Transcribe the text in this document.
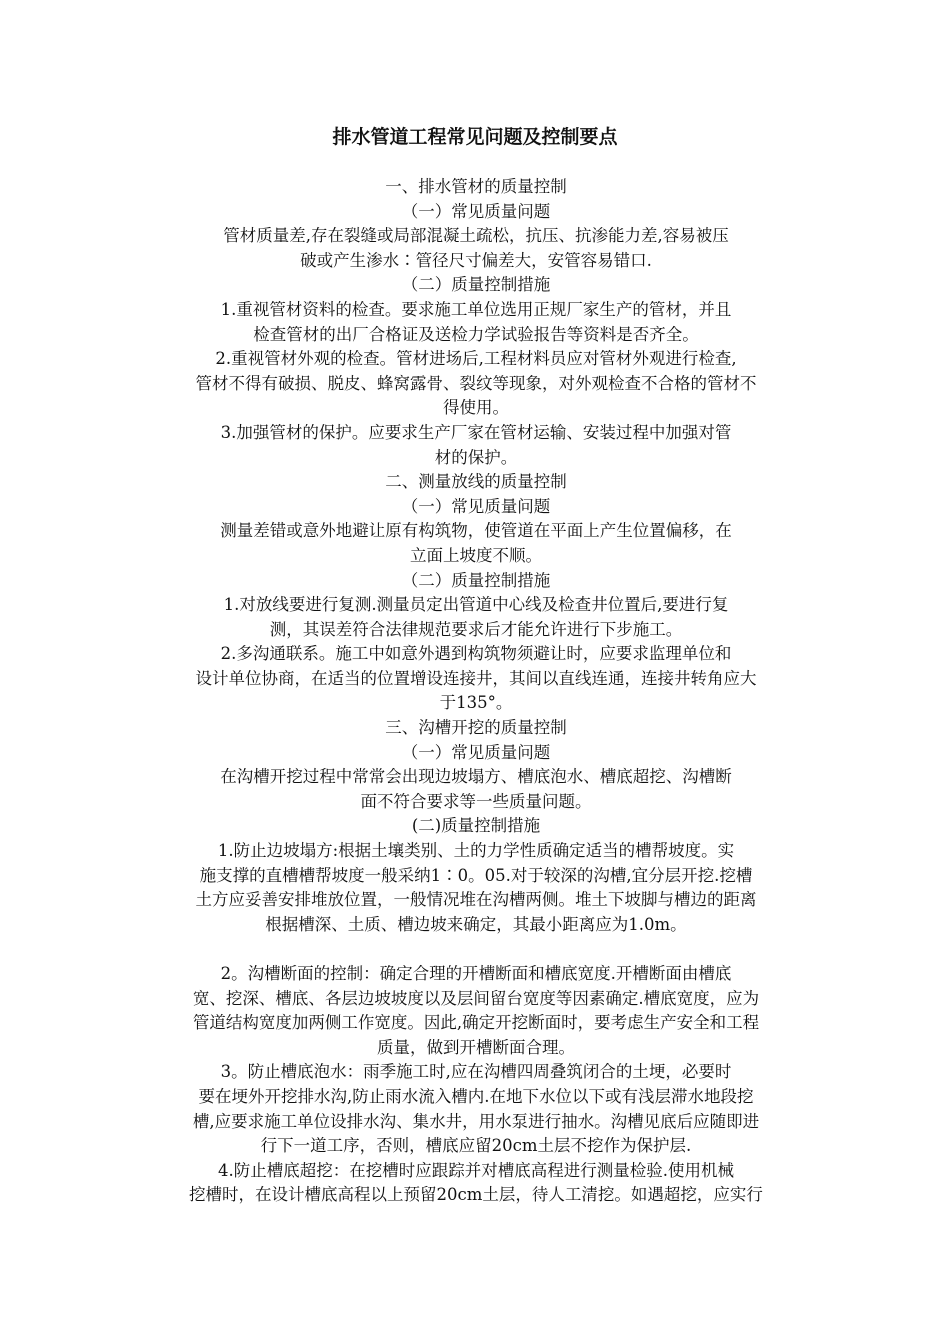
排水管道工程常见问题及控制要点
一、排水管材的质量控制
（一）常见质量问题
管材质量差,存在裂缝或局部混凝土疏松，抗压、抗渗能力差,容易被压
破或产生渗水∶管径尺寸偏差大，安管容易错口.
（二）质量控制措施
1.重视管材资料的检查。要求施工单位选用正规厂家生产的管材，并且
检查管材的出厂合格证及送检力学试验报告等资料是否齐全。
2.重视管材外观的检查。管材进场后,工程材料员应对管材外观进行检查,
管材不得有破损、脱皮、蜂窝露骨、裂纹等现象，对外观检查不合格的管材不
得使用。
3.加强管材的保护。应要求生产厂家在管材运输、安装过程中加强对管
材的保护。
二、测量放线的质量控制
（一）常见质量问题
测量差错或意外地避让原有构筑物，使管道在平面上产生位置偏移，在
立面上坡度不顺。
（二）质量控制措施
1.对放线要进行复测.测量员定出管道中心线及检查井位置后,要进行复
测，其误差符合法律规范要求后才能允许进行下步施工。
2.多沟通联系。施工中如意外遇到构筑物须避让时，应要求监理单位和
设计单位协商，在适当的位置增设连接井，其间以直线连通，连接井转角应大
于135°。
三、沟槽开挖的质量控制
（一）常见质量问题
在沟槽开挖过程中常常会出现边坡塌方、槽底泡水、槽底超挖、沟槽断
面不符合要求等一些质量问题。
(二)质量控制措施
1.防止边坡塌方:根据土壤类别、土的力学性质确定适当的槽帮坡度。实
施支撑的直槽槽帮坡度一般采纳1∶0。05.对于较深的沟槽,宜分层开挖.挖槽
土方应妥善安排堆放位置，一般情况堆在沟槽两侧。堆土下坡脚与槽边的距离
根据槽深、土质、槽边坡来确定，其最小距离应为1.0m。
2。沟槽断面的控制：确定合理的开槽断面和槽底宽度.开槽断面由槽底
宽、挖深、槽底、各层边坡坡度以及层间留台宽度等因素确定.槽底宽度，应为
管道结构宽度加两侧工作宽度。因此,确定开挖断面时，要考虑生产安全和工程
质量，做到开槽断面合理。
3。防止槽底泡水：雨季施工时,应在沟槽四周叠筑闭合的土埂，必要时
要在埂外开挖排水沟,防止雨水流入槽内.在地下水位以下或有浅层滞水地段挖
槽,应要求施工单位设排水沟、集水井，用水泵进行抽水。沟槽见底后应随即进
行下一道工序，否则，槽底应留20cm土层不挖作为保护层.
4.防止槽底超挖：在挖槽时应跟踪并对槽底高程进行测量检验.使用机械
挖槽时，在设计槽底高程以上预留20cm土层，待人工清挖。如遇超挖，应实行
